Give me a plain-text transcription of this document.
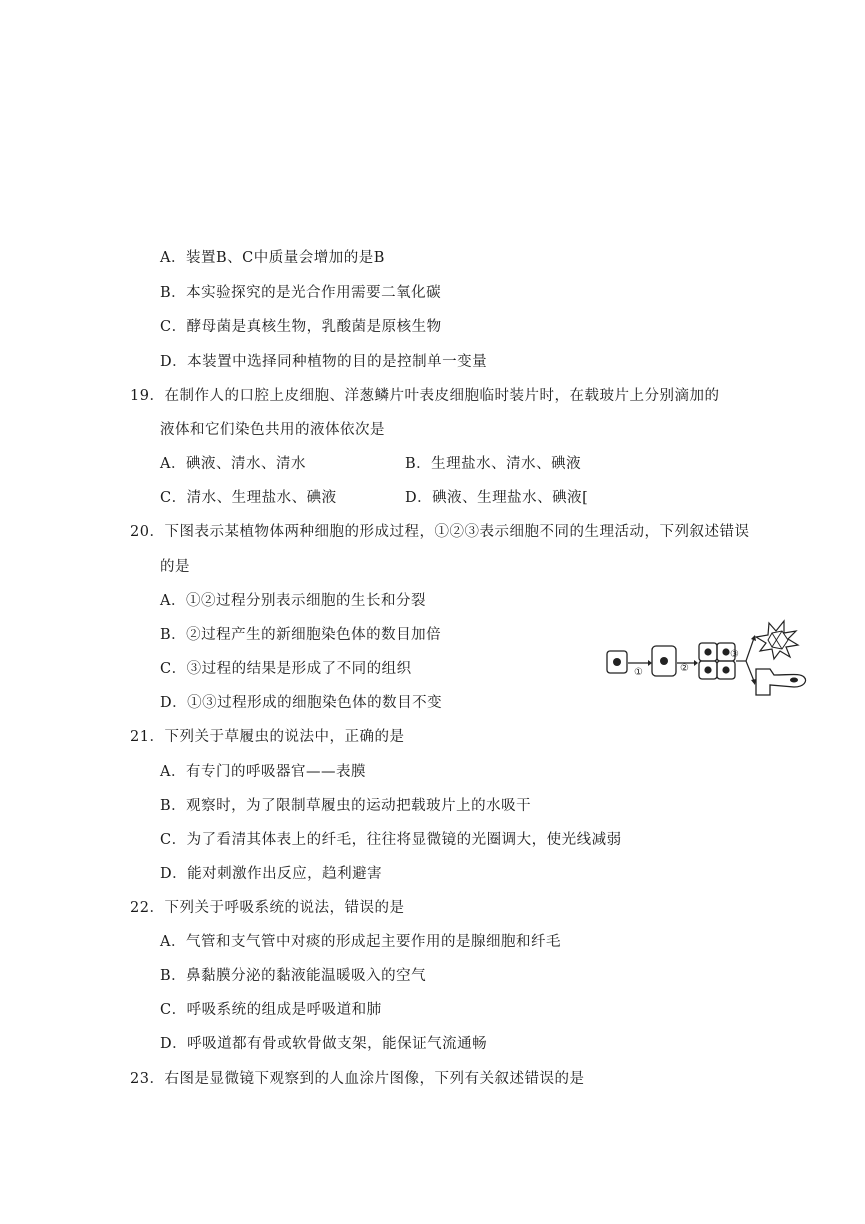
A．装置B、C中质量会增加的是B
B．本实验探究的是光合作用需要二氧化碳
C．酵母菌是真核生物，乳酸菌是原核生物
D．本装置中选择同种植物的目的是控制单一变量
19．在制作人的口腔上皮细胞、洋葱鳞片叶表皮细胞临时装片时，在载玻片上分别滴加的
液体和它们染色共用的液体依次是
A．碘液、清水、清水	B．生理盐水、清水、碘液
C．清水、生理盐水、碘液	D．碘液、生理盐水、碘液[
20．下图表示某植物体两种细胞的形成过程，①②③表示细胞不同的生理活动，下列叙述错误
的是
A．①②过程分别表示细胞的生长和分裂
B．②过程产生的新细胞染色体的数目加倍
C．③过程的结果是形成了不同的组织
D．①③过程形成的细胞染色体的数目不变
①	②
③
21．下列关于草履虫的说法中，正确的是
A．有专门的呼吸器官——表膜
B．观察时，为了限制草履虫的运动把载玻片上的水吸干
C．为了看清其体表上的纤毛，往往将显微镜的光圈调大，使光线减弱
D．能对刺激作出反应，趋利避害
22．下列关于呼吸系统的说法，错误的是
A．气管和支气管中对痰的形成起主要作用的是腺细胞和纤毛
B．鼻黏膜分泌的黏液能温暖吸入的空气
C．呼吸系统的组成是呼吸道和肺
D．呼吸道都有骨或软骨做支架，能保证气流通畅
23．右图是显微镜下观察到的人血涂片图像，下列有关叙述错误的是
